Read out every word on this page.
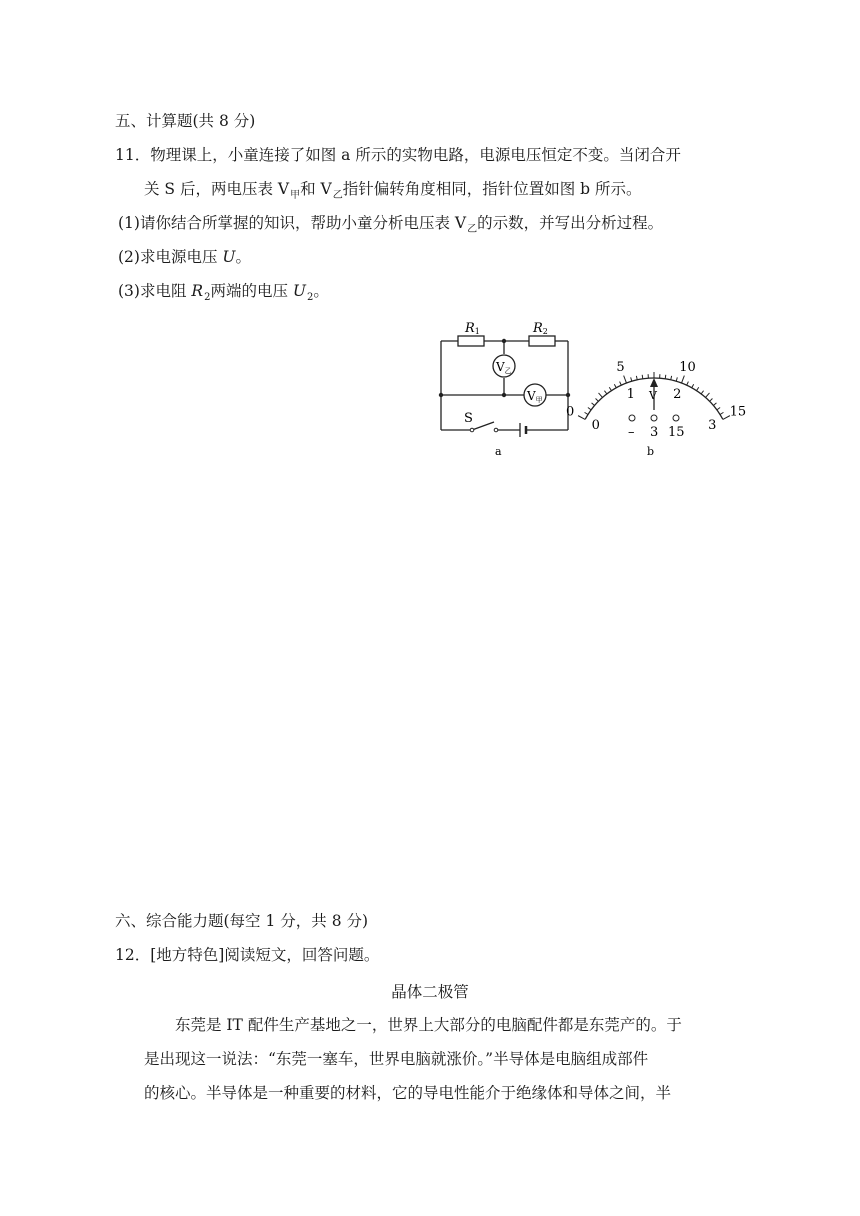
五、计算题(共 8 分)
11．物理课上，小童连接了如图 a 所示的实物电路，电源电压恒定不变。当闭合开
关 S 后，两电压表 $V_甲$和 $V_乙$指针偏转角度相同，指针位置如图 b 所示。
(1)请你结合所掌握的知识，帮助小童分析电压表 $V_乙$的示数，并写出分析过程。
(2)求电源电压 U。
(3)求电阻 $R_2$两端的电压 $U_2$。
R1	R2
V乙
V甲
S
a
0
5	10
15
0
1	2
3
V
– 3 15
b
六、综合能力题(每空 1 分，共 8 分)
12．[地方特色]阅读短文，回答问题。
晶体二极管
东莞是 IT 配件生产基地之一，世界上大部分的电脑配件都是东莞产的。于
是出现这一说法：“东莞一塞车，世界电脑就涨价。”半导体是电脑组成部件
的核心。半导体是一种重要的材料，它的导电性能介于绝缘体和导体之间，半
